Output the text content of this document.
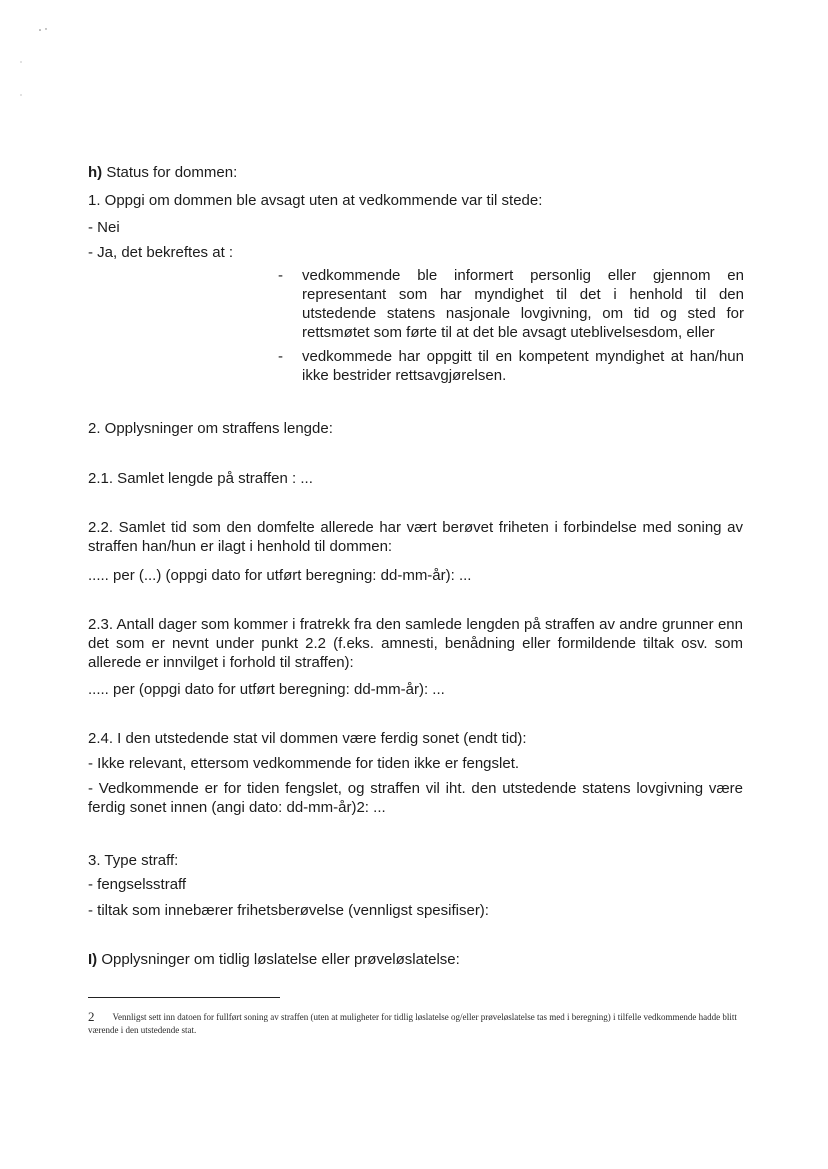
h) Status for dommen:
1. Oppgi om dommen ble avsagt uten at vedkommende var til stede:
- Nei
- Ja, det bekreftes at :
- vedkommende ble informert personlig eller gjennom en representant som har myndighet til det i henhold til den utstedende statens nasjonale lovgivning, om tid og sted for rettsmøtet som førte til at det ble avsagt uteblivelsesdom, eller
- vedkommede har oppgitt til en kompetent myndighet at han/hun ikke bestrider rettsavgjørelsen.
2. Opplysninger om straffens lengde:
2.1. Samlet lengde på straffen : ...
2.2. Samlet tid som den domfelte allerede har vært berøvet friheten i forbindelse med soning av straffen han/hun er ilagt i henhold til dommen:
..... per (...) (oppgi dato for utført beregning: dd-mm-år): ...
2.3. Antall dager som kommer i fratrekk fra den samlede lengden på straffen av andre grunner enn det som er nevnt under punkt 2.2 (f.eks. amnesti, benådning eller formildende tiltak osv. som allerede er innvilget i forhold til straffen):
..... per (oppgi dato for utført beregning: dd-mm-år): ...
2.4. I den utstedende stat vil dommen være ferdig sonet (endt tid):
- Ikke relevant, ettersom vedkommende for tiden ikke er fengslet.
- Vedkommende er for tiden fengslet, og straffen vil iht. den utstedende statens lovgivning være ferdig sonet innen (angi dato: dd-mm-år)2: ...
3. Type straff:
- fengselsstraff
- tiltak som innebærer frihetsberøvelse (vennligst spesifiser):
I) Opplysninger om tidlig løslatelse eller prøveløslatelse:
2 Vennligst sett inn datoen for fullført soning av straffen (uten at muligheter for tidlig løslatelse og/eller prøveløslatelse tas med i beregning) i tilfelle vedkommende hadde blitt værende i den utstedende stat.
